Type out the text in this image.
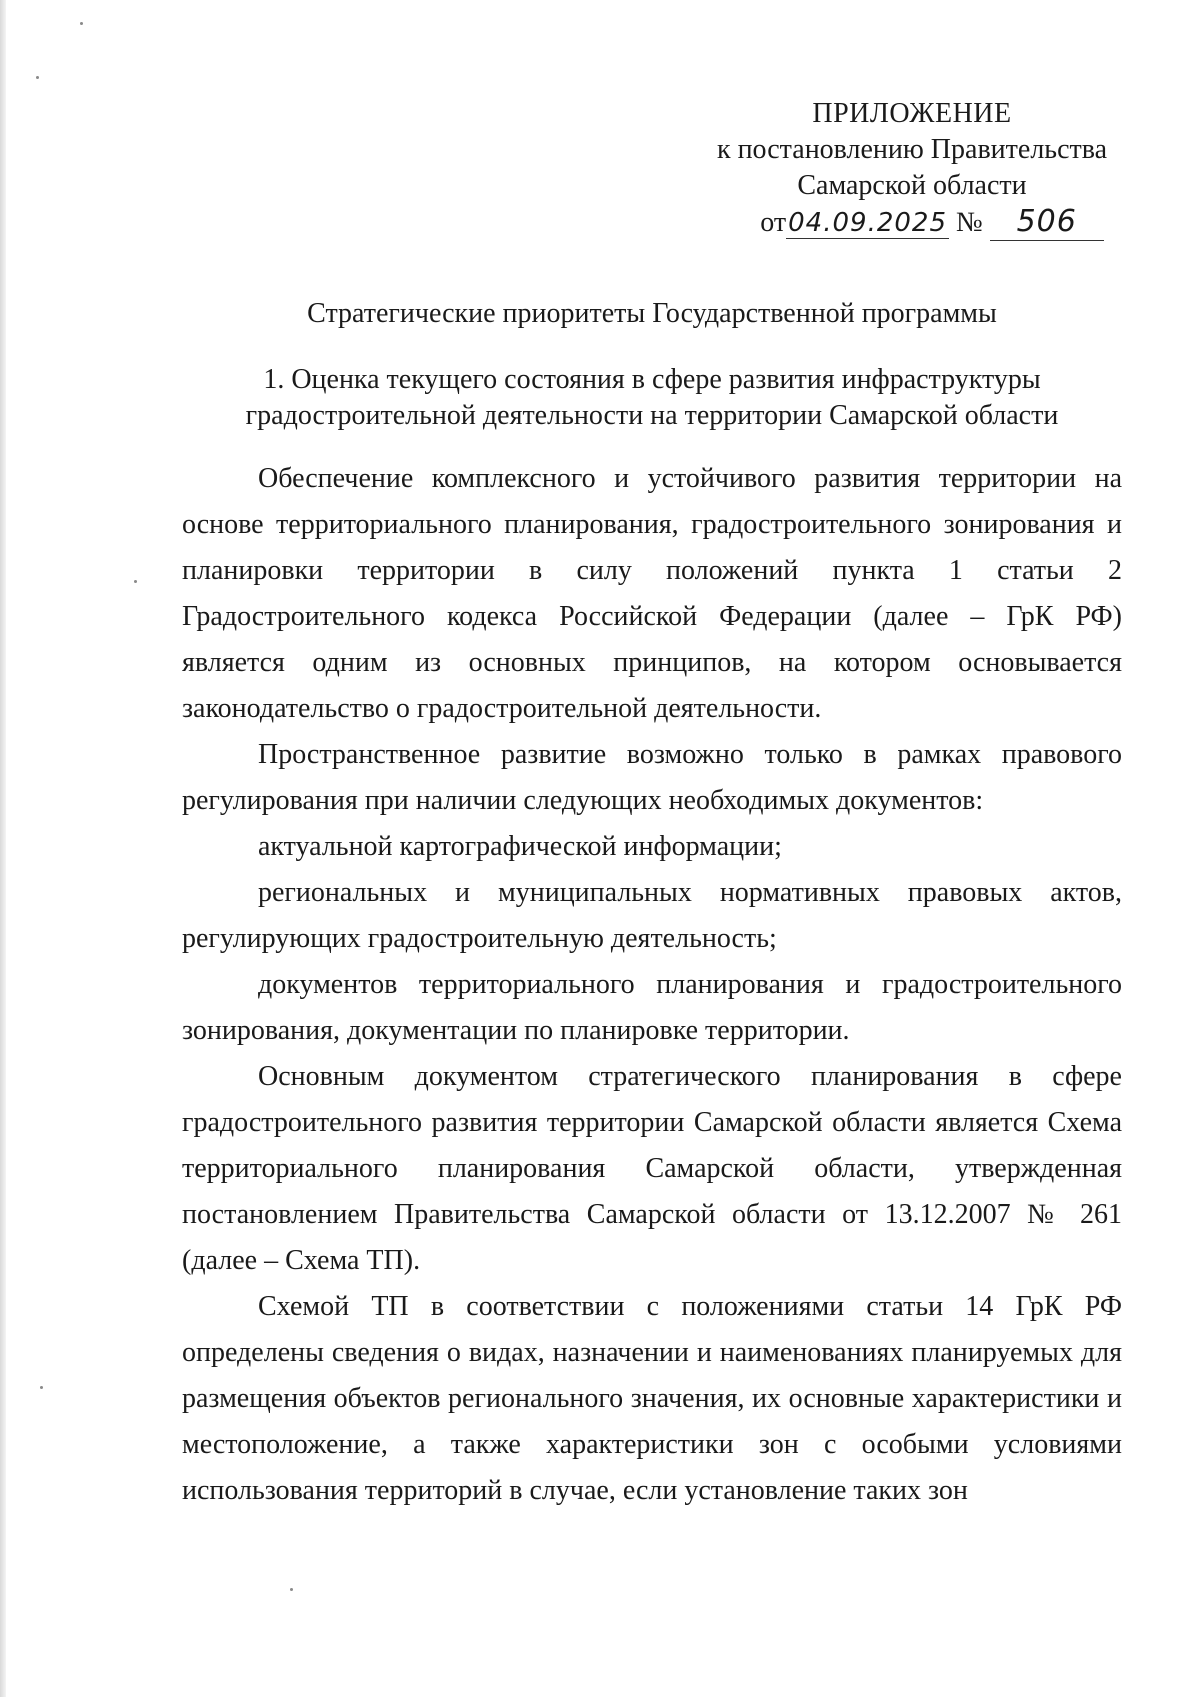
ПРИЛОЖЕНИЕ
к постановлению Правительства
Самарской области
от04.09.2025 № 506
Стратегические приоритеты Государственной программы
1. Оценка текущего состояния в сфере развития инфраструктуры
градостроительной деятельности на территории Самарской области

Обеспечение комплексного и устойчивого развития территории на основе территориального планирования, градостроительного зонирования и планировки территории в силу положений пункта 1 статьи 2 Градостроительного кодекса Российской Федерации (далее – ГрК РФ) является одним из основных принципов, на котором основывается законодательство о градостроительной деятельности.

Пространственное развитие возможно только в рамках правового регулирования при наличии следующих необходимых документов:

актуальной картографической информации;

региональных и муниципальных нормативных правовых актов, регулирующих градостроительную деятельность;

документов территориального планирования и градостроительного зонирования, документации по планировке территории.

Основным документом стратегического планирования в сфере градостроительного развития территории Самарской области является Схема территориального планирования Самарской области, утвержденная постановлением Правительства Самарской области от 13.12.2007 № 261 (далее – Схема ТП).

Схемой ТП в соответствии с положениями статьи 14 ГрК РФ определены сведения о видах, назначении и наименованиях планируемых для размещения объектов регионального значения, их основные характеристики и местоположение, а также характеристики зон с особыми условиями использования территорий в случае, если установление таких зон
